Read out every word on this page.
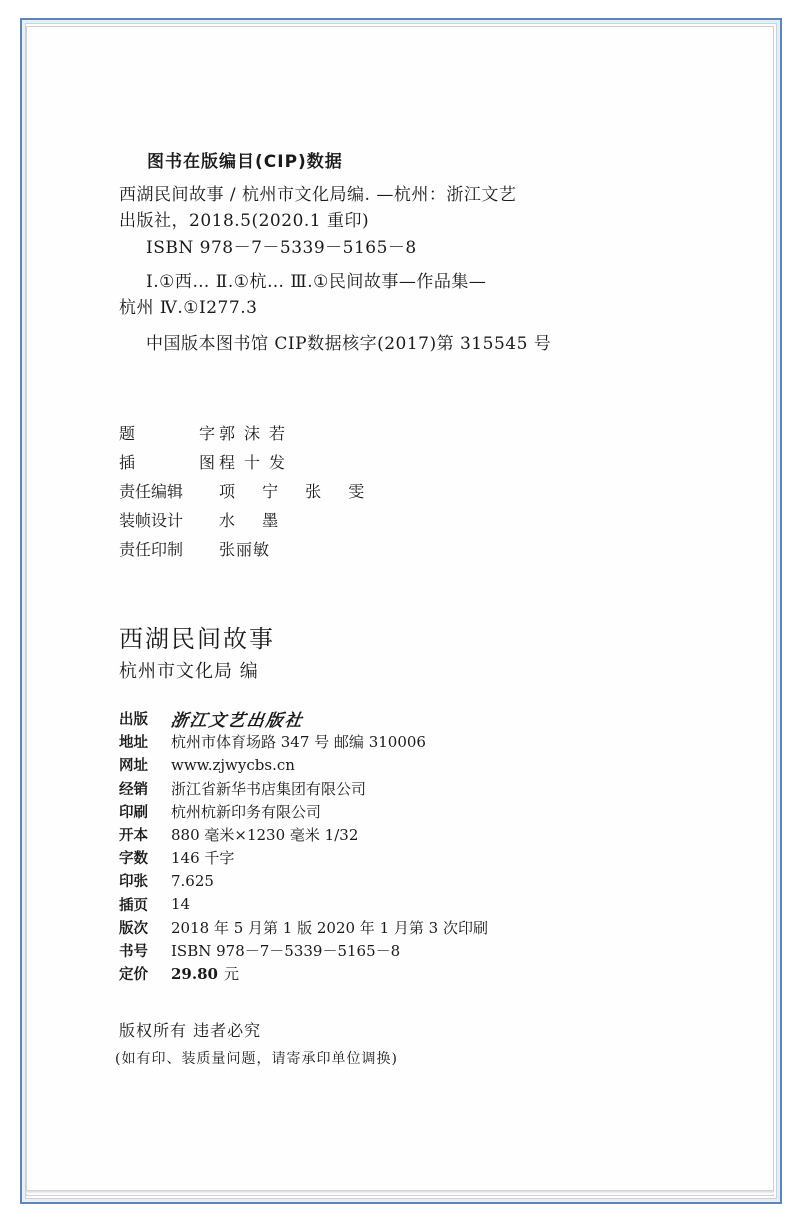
图书在版编目(CIP)数据
西湖民间故事 / 杭州市文化局编. —杭州：浙江文艺
出版社，2018.5(2020.1 重印)
ISBN 978－7－5339－5165－8
Ⅰ.①西… Ⅱ.①杭… Ⅲ.①民间故事—作品集—
杭州 Ⅳ.①I277.3
中国版本图书馆 CIP数据核字(2017)第 315545 号
题	字 郭沫若
插	图 程十发
责任编辑	项 宁 张 雯
装帧设计	水 墨
责任印制	张丽敏
西湖民间故事
杭州市文化局 编
出版	浙江文艺出版社
地址	杭州市体育场路 347 号 邮编 310006
网址	www.zjwycbs.cn
经销	浙江省新华书店集团有限公司
印刷	杭州杭新印务有限公司
开本	880 毫米×1230 毫米 1/32
字数	146 千字
印张	7.625
插页	14
版次	2018 年 5 月第 1 版 2020 年 1 月第 3 次印刷
书号	ISBN 978－7－5339－5165－8
定价	29.80 元
版权所有 违者必究
(如有印、装质量问题，请寄承印单位调换)
